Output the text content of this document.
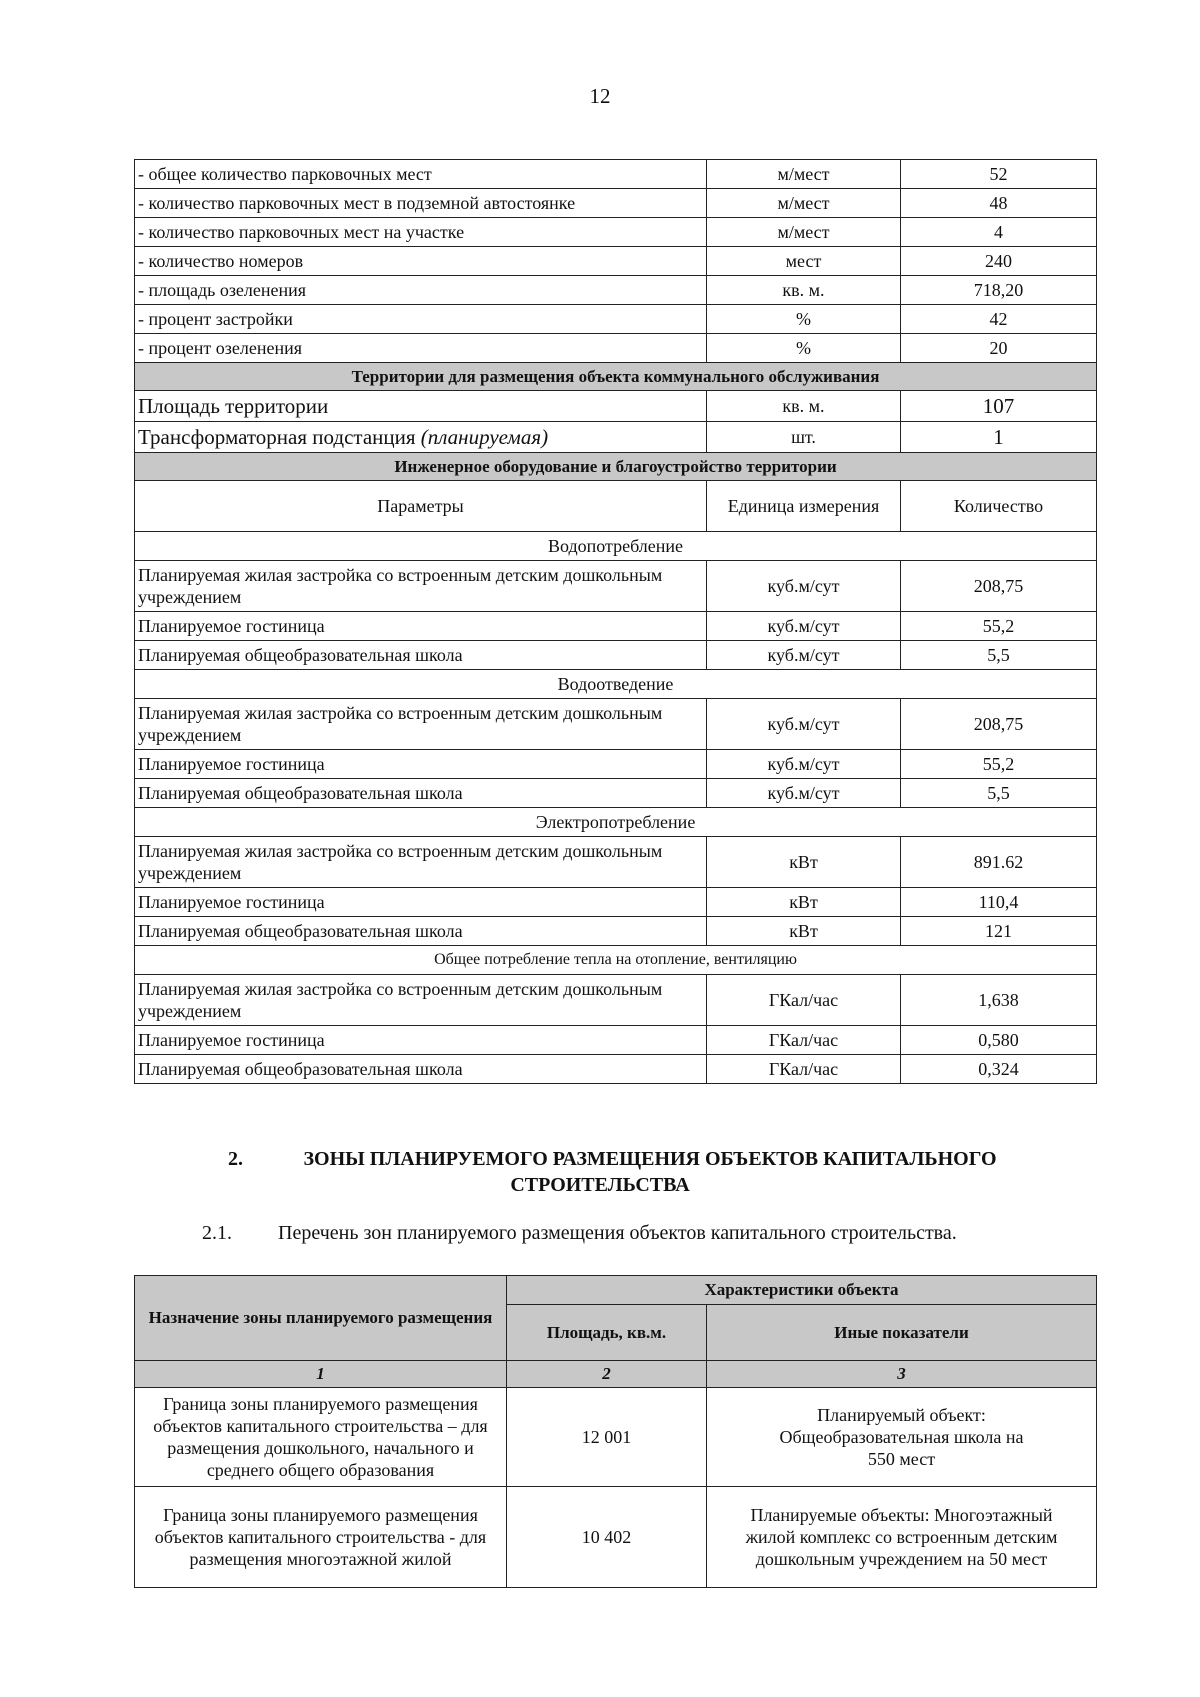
12
- общее количество парковочных мест	м/мест	52
- количество парковочных мест в подземной автостоянке	м/мест	48
- количество парковочных мест на участке	м/мест	4
- количество номеров	мест	240
- площадь озеленения	кв. м.	718,20
- процент застройки	%	42
- процент озеленения	%	20
Территории для размещения объекта коммунального обслуживания		
Площадь территории	кв. м.	107
Трансформаторная подстанция (планируемая)	шт.	1
Инженерное оборудование и благоустройство территории		
Параметры	Единица измерения	Количество
Водопотребление		
Планируемая жилая застройка со встроенным детским дошкольным учреждением	куб.м/сут	208,75
Планируемое гостиница	куб.м/сут	55,2
Планируемая общеобразовательная школа	куб.м/сут	5,5
Водоотведение		
Планируемая жилая застройка со встроенным детским дошкольным учреждением	куб.м/сут	208,75
Планируемое гостиница	куб.м/сут	55,2
Планируемая общеобразовательная школа	куб.м/сут	5,5
Электропотребление		
Планируемая жилая застройка со встроенным детским дошкольным учреждением	кВт	891.62
Планируемое гостиница	кВт	110,4
Планируемая общеобразовательная школа	кВт	121
Общее потребление тепла на отопление, вентиляцию		
Планируемая жилая застройка со встроенным детским дошкольным учреждением	ГКал/час	1,638
Планируемое гостиница	ГКал/час	0,580
Планируемая общеобразовательная школа	ГКал/час	0,324
2.	ЗОНЫ ПЛАНИРУЕМОГО РАЗМЕЩЕНИЯ ОБЪЕКТОВ КАПИТАЛЬНОГО
СТРОИТЕЛЬСТВА
2.1. Перечень зон планируемого размещения объектов капитального строительства.
Назначение зоны планируемого размещения	Характеристики объекта	
	Площадь, кв.м.	Иные показатели
1	2	3
Граница зоны планируемого размещения объектов капитального строительства – для размещения дошкольного, начального и среднего общего образования	12 001	Планируемый объект: Общеобразовательная школа на 550 мест
Граница зоны планируемого размещения объектов капитального строительства - для размещения многоэтажной жилой	10 402	Планируемые объекты: Многоэтажный жилой комплекс со встроенным детским дошкольным учреждением на 50 мест
